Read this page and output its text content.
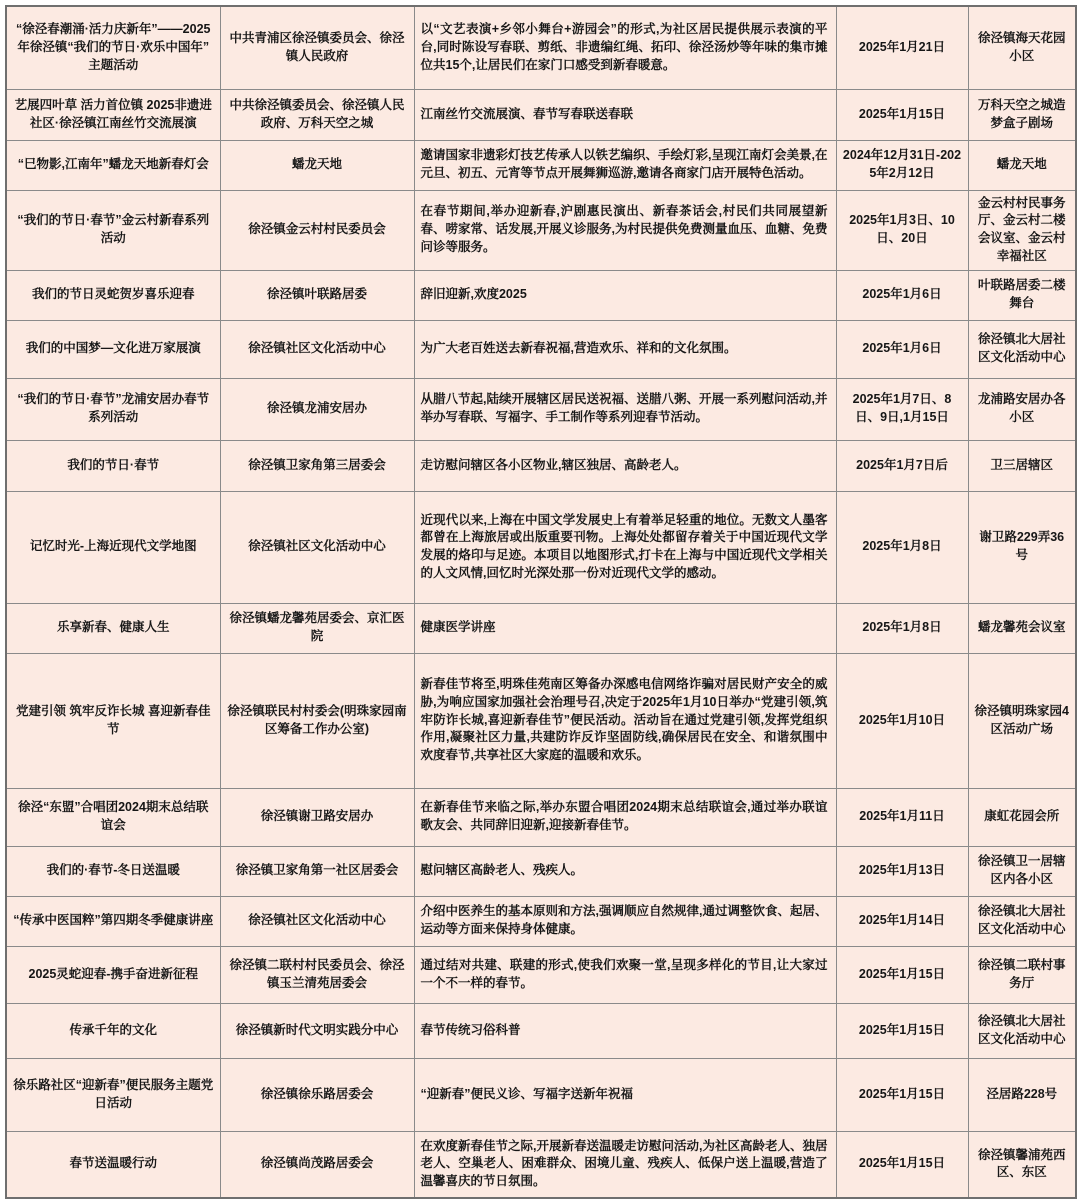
“徐泾春潮涌·活力庆新年”——2025年徐泾镇“我们的节日·欢乐中国年”主题活动	中共青浦区徐泾镇委员会、徐泾镇人民政府	以“文艺表演+乡邻小舞台+游园会”的形式,为社区居民提供展示表演的平台,同时陈设写春联、剪纸、非遗编红绳、拓印、徐泾汤炒等年味的集市摊位共15个,让居民们在家门口感受到新春暖意。	2025年1月21日	徐泾镇海天花园小区
艺展四叶草 活力首位镇 2025非遗进社区·徐泾镇江南丝竹交流展演	中共徐泾镇委员会、徐泾镇人民政府、万科天空之城	江南丝竹交流展演、春节写春联送春联	2025年1月15日	万科天空之城造梦盒子剧场
“巳物影,江南年”蟠龙天地新春灯会	蟠龙天地	邀请国家非遗彩灯技艺传承人以铁艺编织、手绘灯彩,呈现江南灯会美景,在元旦、初五、元宵等节点开展舞狮巡游,邀请各商家门店开展特色活动。	2024年12月31日-2025年2月12日	蟠龙天地
“我们的节日·春节”金云村新春系列活动	徐泾镇金云村村民委员会	在春节期间,举办迎新春,沪剧惠民演出、新春茶话会,村民们共同展望新春、唠家常、话发展,开展义诊服务,为村民提供免费测量血压、血糖、免费问诊等服务。	2025年1月3日、10日、20日	金云村村民事务厅、金云村二楼会议室、金云村幸福社区
我们的节日灵蛇贺岁喜乐迎春	徐泾镇叶联路居委	辞旧迎新,欢度2025	2025年1月6日	叶联路居委二楼舞台
我们的中国梦—文化进万家展演	徐泾镇社区文化活动中心	为广大老百姓送去新春祝福,营造欢乐、祥和的文化氛围。	2025年1月6日	徐泾镇北大居社区文化活动中心
“我们的节日·春节”龙浦安居办春节系列活动	徐泾镇龙浦安居办	从腊八节起,陆续开展辖区居民送祝福、送腊八粥、开展一系列慰问活动,并举办写春联、写福字、手工制作等系列迎春节活动。	2025年1月7日、8日、9日,1月15日	龙浦路安居办各小区
我们的节日·春节	徐泾镇卫家角第三居委会	走访慰问辖区各小区物业,辖区独居、高龄老人。	2025年1月7日后	卫三居辖区
记忆时光-上海近现代文学地图	徐泾镇社区文化活动中心	近现代以来,上海在中国文学发展史上有着举足轻重的地位。无数文人墨客都曾在上海旅居或出版重要刊物。上海处处都留存着关于中国近现代文学发展的烙印与足迹。本项目以地图形式,打卡在上海与中国近现代文学相关的人文风情,回忆时光深处那一份对近现代文学的感动。	2025年1月8日	谢卫路229弄36号
乐享新春、健康人生	徐泾镇蟠龙馨苑居委会、京汇医院	健康医学讲座	2025年1月8日	蟠龙馨苑会议室
党建引领 筑牢反诈长城 喜迎新春佳节	徐泾镇联民村村委会(明珠家园南区筹备工作办公室)	新春佳节将至,明珠佳苑南区筹备办深感电信网络诈骗对居民财产安全的威胁,为响应国家加强社会治理号召,决定于2025年1月10日举办“党建引领,筑牢防诈长城,喜迎新春佳节”便民活动。活动旨在通过党建引领,发挥党组织作用,凝聚社区力量,共建防诈反诈坚固防线,确保居民在安全、和谐氛围中欢度春节,共享社区大家庭的温暖和欢乐。	2025年1月10日	徐泾镇明珠家园4区活动广场
徐泾“东盟”合唱团2024期末总结联谊会	徐泾镇谢卫路安居办	在新春佳节来临之际,举办东盟合唱团2024期末总结联谊会,通过举办联谊歌友会、共同辞旧迎新,迎接新春佳节。	2025年1月11日	康虹花园会所
我们的·春节-冬日送温暖	徐泾镇卫家角第一社区居委会	慰问辖区高龄老人、残疾人。	2025年1月13日	徐泾镇卫一居辖区内各小区
“传承中医国粹”第四期冬季健康讲座	徐泾镇社区文化活动中心	介绍中医养生的基本原则和方法,强调顺应自然规律,通过调整饮食、起居、运动等方面来保持身体健康。	2025年1月14日	徐泾镇北大居社区文化活动中心
2025灵蛇迎春-携手奋进新征程	徐泾镇二联村村民委员会、徐泾镇玉兰清苑居委会	通过结对共建、联建的形式,使我们欢聚一堂,呈现多样化的节目,让大家过一个不一样的春节。	2025年1月15日	徐泾镇二联村事务厅
传承千年的文化	徐泾镇新时代文明实践分中心	春节传统习俗科普	2025年1月15日	徐泾镇北大居社区文化活动中心
徐乐路社区“迎新春”便民服务主题党日活动	徐泾镇徐乐路居委会	“迎新春”便民义诊、写福字送新年祝福	2025年1月15日	泾居路228号
春节送温暖行动	徐泾镇尚茂路居委会	在欢度新春佳节之际,开展新春送温暖走访慰问活动,为社区高龄老人、独居老人、空巢老人、困难群众、困境儿童、残疾人、低保户送上温暖,营造了温馨喜庆的节日氛围。	2025年1月15日	徐泾镇馨浦苑西区、东区
